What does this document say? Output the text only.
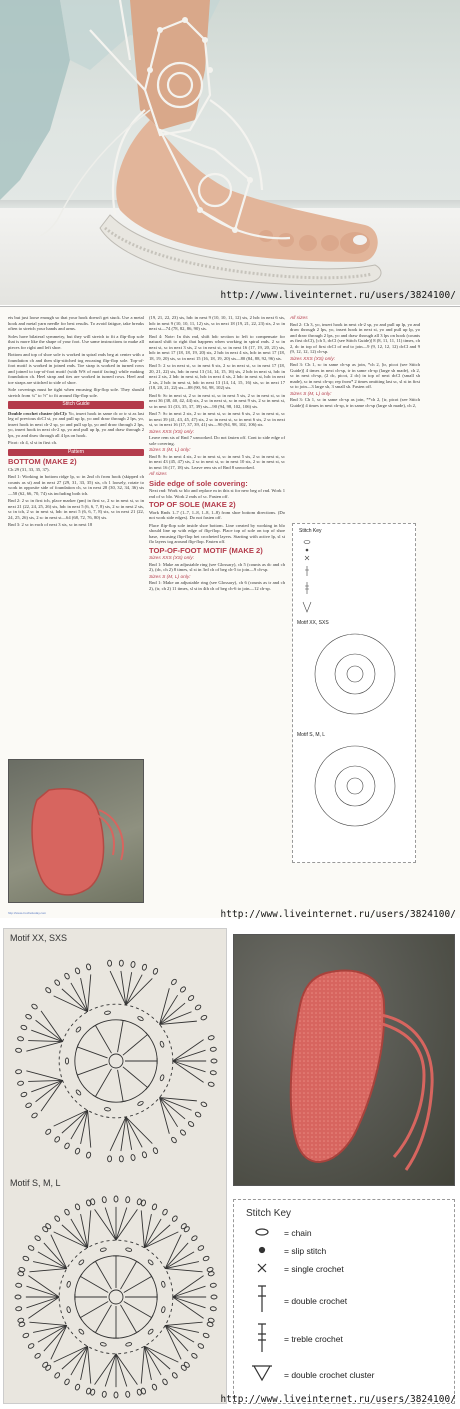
http://www.liveinternet.ru/users/3824100/

ets but just loose enough so that your hook doesn't get stuck. Use a metal hook and metal yarn needle for best results. To avoid fatigue, take breaks often to stretch your hands and arms.

Soles have bilateral symmetry, but they will stretch to fit a flip-flop sole that is more like the shape of your foot. Use same instructions to make all pieces for right and left shoe.

Bottom and top of shoe sole is worked in spiral rnds beg at center with a foundation ch and then slip-stitched tog encasing flip-flop sole. Top-of-foot motif is worked in joined rnds. Toe strap is worked in turned rows and joined to top-of-foot motif (with WS of motif facing) while making foundation ch. Heel strap and ties are worked in turned rows. Heel and toe straps are stitched to side of shoe.

Sole coverings must be tight when encasing flip-flop sole. They should stretch from ¼" to ½" to fit around flip-flop sole.

Stitch Guide

Double crochet cluster (dcCl): Yo, insert hook in same dc or tr st as last leg of previous dcCl st, yo and pull up lp, yo and draw through 2 lps, yo, insert hook in next ch-2 sp, yo and pull up lp, yo and draw through 2 lps, yo, insert hook in next ch-2 sp, yo and pull up lp, yo and draw through 2 lps, yo and draw through all 4 lps on hook.

Picot: ch 4, sl st in first ch.

Pattern
BOTTOM (MAKE 2)

Ch 29 (31, 33, 35, 37).

Rnd 1: Working in bottom ridge lp, sc in 2nd ch from hook (skipped ch counts as st) and in next 27 (29, 31, 33, 35) sts, ch 1 loosely, rotate to work in opposite side of foundation ch, sc in next 28 (30, 32, 34, 36) sts—58 (62, 66, 70, 74) sts including both tch.

Rnd 2: 2 sc in first tch, place marker (pm) in first sc, 2 sc in next st, sc in next 21 (22, 24, 25, 26) sts, hdc in next 5 (6, 6, 7, 8) sts, 2 sc in next 2 sts, sc in tch, 2 sc in next st, hdc in next 5 (6, 6, 7, 8) sts, sc in next 21 (22, 24, 25, 26) sts, 2 sc in next st—64 (68, 72, 76, 80) sts.

Rnd 3: 2 sc in each of next 3 sts, sc in next 18

(19, 21, 22, 23) sts, hdc in next 9 (10, 10, 11, 12) sts, 2 hdc in next 6 sts, hdc in next 9 (10, 10, 11, 12) sts, sc in next 18 (19, 21, 22, 23) sts, 2 sc in next st—74 (78, 82, 86, 90) sts.

Rnd 4: Note: In this rnd, shift hdc section to left to compensate for natural shift to right that happens when working in spiral rnds. 2 sc in next st, sc in next 3 sts, 2 sc in next st, sc in next 16 (17, 19, 20, 21) sts, hdc in next 17 (18, 18, 19, 20) sts, 2 hdc in next 4 sts, hdc in next 17 (18, 18, 19, 20) sts, sc in next 15 (16, 18, 19, 20) sts—80 (84, 88, 92, 96) sts.

Rnd 5: 2 sc in next st, sc in next 6 sts, 2 sc in next st, sc in next 17 (18, 20, 21, 22) sts, hdc in next 13 (14, 14, 15, 16) sts, 2 hdc in next st, hdc in next 2 sts, 2 hdc in next st, hdc in next 4 sts, 2 hdc in next st, hdc in next 2 sts, 2 hdc in next st, hdc in next 13 (14, 14, 15, 16) sts, sc in next 17 (18, 20, 21, 22) sts—88 (90, 94, 98, 102) sts.

Rnd 6: Sc in next st, 2 sc in next st, sc in next 5 sts, 2 sc in next st, sc in next 36 (38, 40, 42, 44) sts, 2 sc in next st, sc in next 9 sts, 2 sc in next st, sc in next 31 (33, 35, 37, 39) sts—90 (94, 98, 102, 106) sts.

Rnd 7: Sc in next 2 sts, 2 sc in next st, sc in next 6 sts, 2 sc in next st, sc in next 39 (41, 43, 45, 47) sts, 2 sc in next st, sc in next 6 sts, 2 sc in next st, sc in next 16 (17, 37, 39, 41) sts—90 (94, 98, 102, 106) sts.

Sizes XXS (XS) only:

Leave rem sts of Rnd 7 unworked. Do not fasten off. Cont to side edge of sole covering.

Sizes S (M, L) only:

Rnd 8: Sc in next 4 sts, 2 sc in next st, sc in next 5 sts, 2 sc in next st, sc in next 43 (45, 47) sts, 2 sc in next st, sc in next 10 sts, 2 sc in next st, sc in next 16 (17, 18) sts. Leave rem sts of Rnd 8 unworked.

All sizes
Side edge of sole covering:

Next rnd: Work sc blo and replace m in this st for new beg of rnd. Work 1 rnd of sc blo. Work 2 rnds of sc. Fasten off.

TOP OF SOLE (MAKE 2)

Work Rnds 1–7 (1–7, 1–8, 1–8, 1–8) from shoe bottom directions. (Do not work side edges). Do not fasten off.

Place flip-flop sole inside shoe bottom. Line created by working in blo should line up with edge of flip-flop. Place top of sole on top of shoe base, encasing flip-flop bet crocheted layers. Starting with active lp, sl st flo layers tog around flip-flop. Fasten off.

TOP-OF-FOOT MOTIF (MAKE 2)
Sizes XXS (XS) only:

Rnd 1: Make an adjustable ring (see Glossary), ch 5 (counts as dc and ch 2), (dc, ch 2) 8 times, sl st in 3rd ch of beg ch-5 to join—9 ch-sp.

Sizes S (M, L) only:

Rnd 1: Make an adjustable ring (see Glossary), ch 6 (counts as tr and ch 2), (tr, ch 2) 11 times, sl st in 4th ch of beg ch-6 to join—12 ch-sp.

All sizes

Rnd 2: Ch 3, yo, insert hook in next ch-2 sp, yo and pull up lp, yo and draw through 2 lps, yo, insert hook in next st, yo and pull up lp, yo and draw through 2 lps, yo and draw through all 3 lps on hook (counts as first dcCl), [ch 5, dcCl (see Stitch Guide)] 8 (8, 11, 11, 11) times, ch 2, dc in top of first dcCl of rnd to join—9 (9, 12, 12, 12) dcCl and 9 (9, 12, 12, 12) ch-sp.

Sizes XXS (XS) only:

Rnd 3: Ch 1, sc in same ch-sp as join, *ch 2, [tr, picot (see Stitch Guide)] 4 times in next ch-sp, tr in same ch-sp (large sh made), ch 2, sc in next ch-sp, (2 dc, picot, 2 dc) in top of next dcCl (small sh made), sc in next ch-sp; rep from* 2 times omitting last sc, sl st in first sc to join—3 large sh, 3 small sh. Fasten off.

Sizes S (M, L) only:

Rnd 3: Ch 1, sc in same ch-sp as join, **ch 2, [tr, picot (see Stitch Guide)] 4 times in next ch-sp, tr in same ch-sp (large sh made), ch 2,

Stitch Key
Motif XX, SXS
Motif S, M, L
http://www.crochettoday.com	http://www.liveinternet.ru/users/3824100/
Motif XX, SXS
Motif S, M, L
Stitch Key
= chain
= slip stitch
= single crochet
= double crochet
= treble crochet
= double crochet cluster
http://www.liveinternet.ru/users/3824100/
